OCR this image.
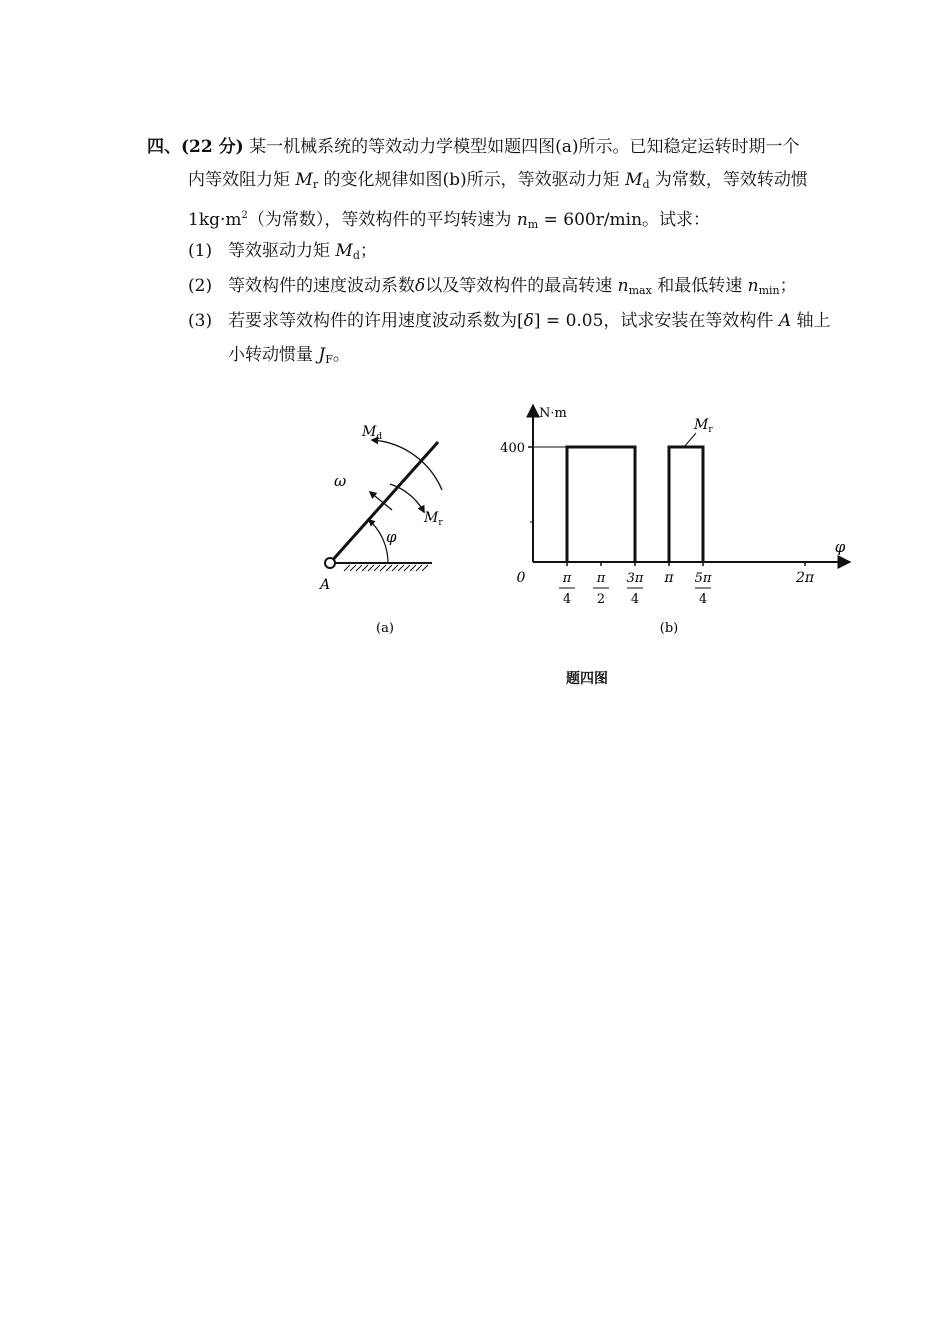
四、(22 分) 某一机械系统的等效动力学模型如题四图(a)所示。已知稳定运转时期一个
内等效阻力矩 $M_r$ 的变化规律如图(b)所示，等效驱动力矩 $M_d$ 为常数，等效转动惯
$1kg\cdot m^2$（为常数），等效构件的平均转速为 $n_m = 600r/\min$。试求：
(1) 等效驱动力矩 $M_d$；
(2) 等效构件的速度波动系数δ以及等效构件的最高转速 $n_{max}$ 和最低转速 $n_{min}$；
(3) 若要求等效构件的许用速度波动系数为[δ] = 0.05，试求安装在等效构件 A 轴上
小转动惯量 $J_F$。
$M_d$
ω
$M_r$
φ
A
(a)
N·m
400
0	π
4
π
2
3π
4
π 5π
4
2π
φ
$M_r$
(b)
题四图
